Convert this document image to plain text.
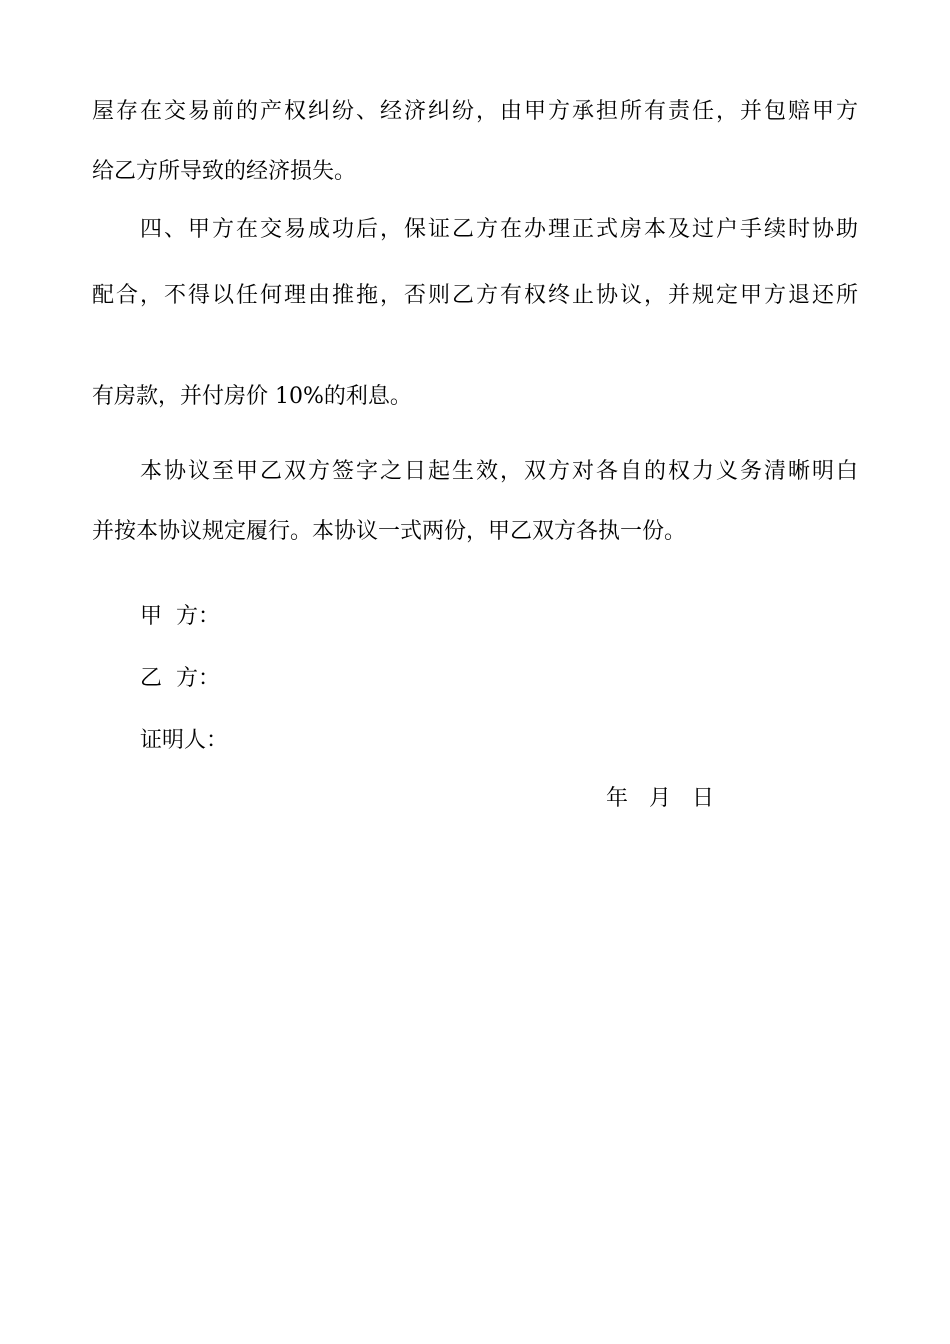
屋存在交易前的产权纠纷、经济纠纷，由甲方承担所有责任，并包赔甲方
给乙方所导致的经济损失。
四、甲方在交易成功后，保证乙方在办理正式房本及过户手续时协助
配合，不得以任何理由推拖，否则乙方有权终止协议，并规定甲方退还所
有房款，并付房价 10%的利息。
本协议至甲乙双方签字之日起生效，双方对各自的权力义务清晰明白
并按本协议规定履行。本协议一式两份，甲乙双方各执一份。
甲  方：
乙  方：
证明人：
年   月   日
